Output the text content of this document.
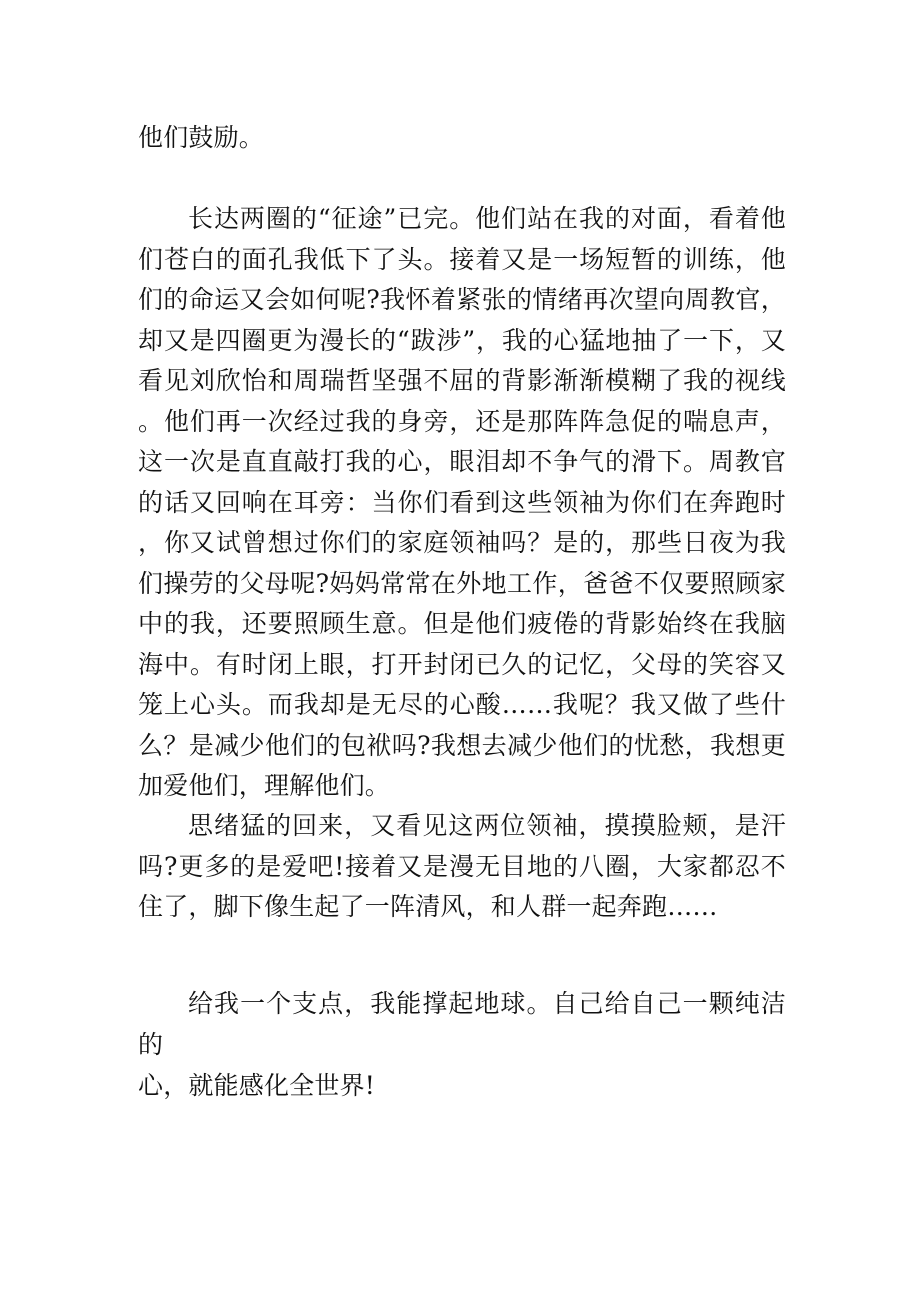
他们鼓励。

长达两圈的“征途”已完。他们站在我的对面，看着他们苍白的面孔我低下了头。接着又是一场短暂的训练，他们的命运又会如何呢?我怀着紧张的情绪再次望向周教官，却又是四圈更为漫长的“跋涉”，我的心猛地抽了一下，又看见刘欣怡和周瑞哲坚强不屈的背影渐渐模糊了我的视线。他们再一次经过我的身旁，还是那阵阵急促的喘息声，这一次是直直敲打我的心，眼泪却不争气的滑下。周教官的话又回响在耳旁：当你们看到这些领袖为你们在奔跑时，你又试曾想过你们的家庭领袖吗？是的，那些日夜为我们操劳的父母呢?妈妈常常在外地工作，爸爸不仅要照顾家中的我，还要照顾生意。但是他们疲倦的背影始终在我脑海中。有时闭上眼，打开封闭已久的记忆，父母的笑容又笼上心头。而我却是无尽的心酸……我呢？我又做了些什么？是减少他们的包袱吗?我想去减少他们的忧愁，我想更加爱他们，理解他们。

思绪猛的回来，又看见这两位领袖，摸摸脸颊，是汗吗?更多的是爱吧!接着又是漫无目地的八圈，大家都忍不住了，脚下像生起了一阵清风，和人群一起奔跑……

给我一个支点，我能撑起地球。自己给自己一颗纯洁的

心，就能感化全世界!
